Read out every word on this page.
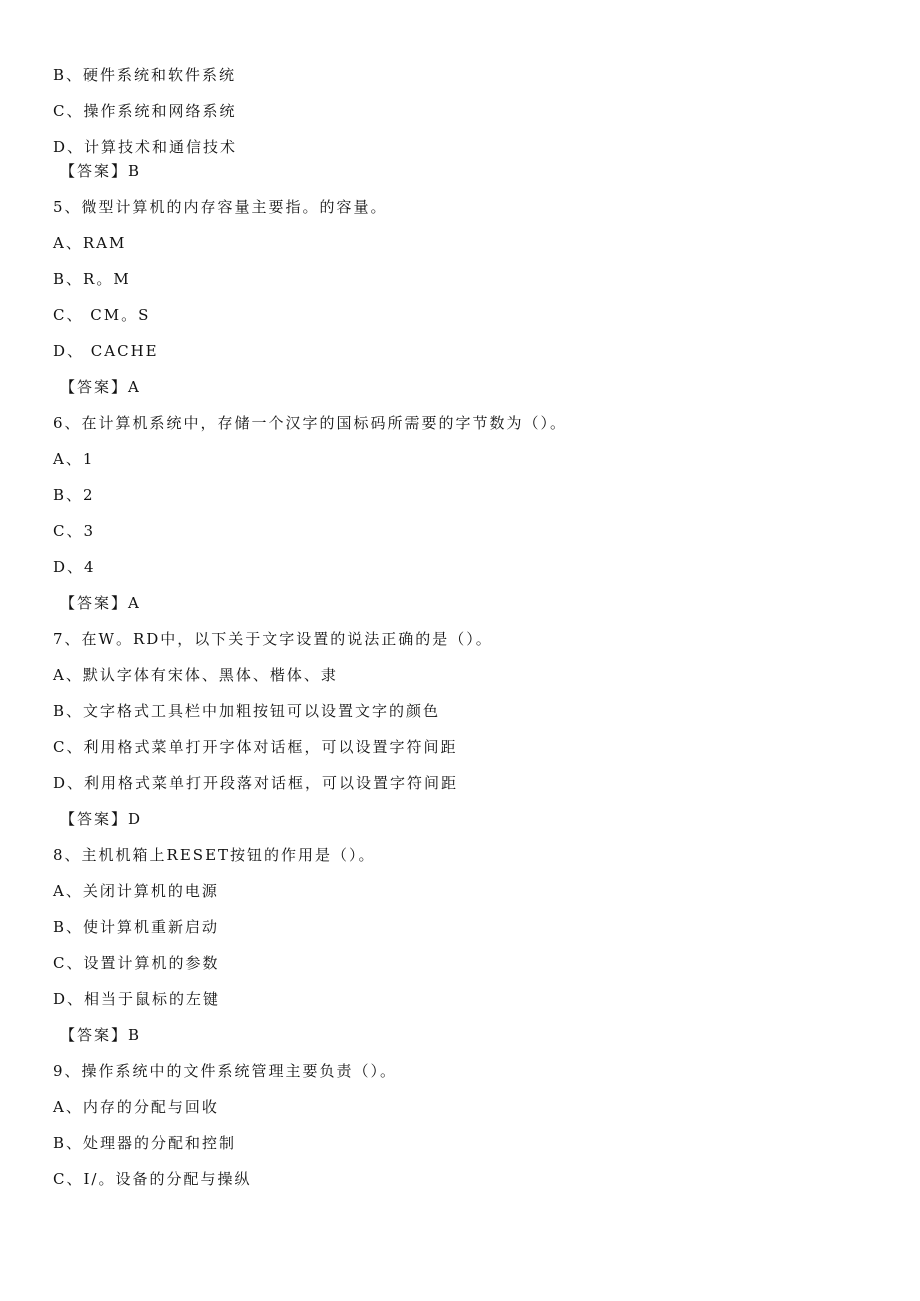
B、硬件系统和软件系统
C、操作系统和网络系统
D、计算技术和通信技术
【答案】B
5、微型计算机的内存容量主要指。的容量。
A、RAM
B、R。M
C、 CM。S
D、 CACHE
【答案】A
6、在计算机系统中，存储一个汉字的国标码所需要的字节数为（）。
A、1
B、2
C、3
D、4
【答案】A
7、在W。RD中，以下关于文字设置的说法正确的是（）。
A、默认字体有宋体、黑体、楷体、隶
B、文字格式工具栏中加粗按钮可以设置文字的颜色
C、利用格式菜单打开字体对话框，可以设置字符间距
D、利用格式菜单打开段落对话框，可以设置字符间距
【答案】D
8、主机机箱上RESET按钮的作用是（）。
A、关闭计算机的电源
B、使计算机重新启动
C、设置计算机的参数
D、相当于鼠标的左键
【答案】B
9、操作系统中的文件系统管理主要负责（）。
A、内存的分配与回收
B、处理器的分配和控制
C、I/。设备的分配与操纵
